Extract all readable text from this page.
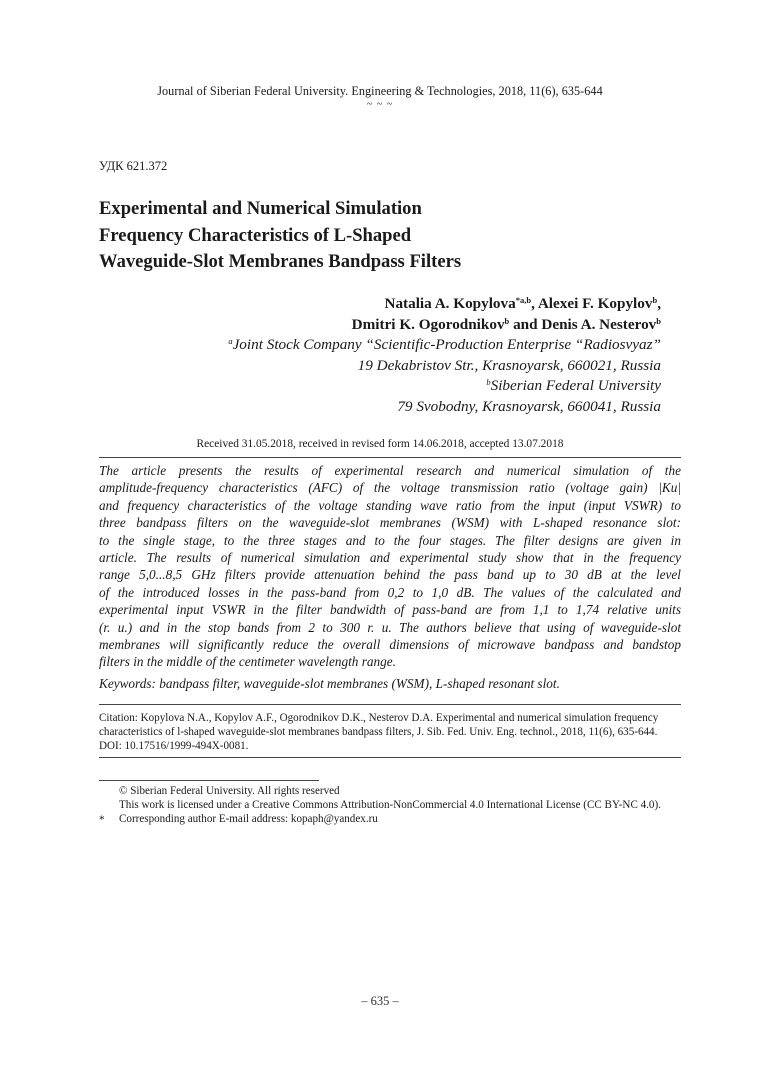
Journal of Siberian Federal University. Engineering & Technologies, 2018, 11(6), 635-644
~ ~ ~
УДК 621.372
Experimental and Numerical Simulation
Frequency Characteristics of L-Shaped
Waveguide-Slot Membranes Bandpass Filters
Natalia A. Kopylova$^{*a,b}$, Alexei F. Kopylov$^b$,
Dmitri K. Ogorodnikov$^b$ and Denis A. Nesterov$^b$
$^a$Joint Stock Company “Scientific-Production Enterprise “Radiosvyaz”
19 Dekabristov Str., Krasnoyarsk, 660021, Russia
$^b$Siberian Federal University
79 Svobodny, Krasnoyarsk, 660041, Russia
Received 31.05.2018, received in revised form 14.06.2018, accepted 13.07.2018
The article presents the results of experimental research and numerical simulation of the
amplitude-frequency characteristics (AFC) of the voltage transmission ratio (voltage gain) |Ku|
and frequency characteristics of the voltage standing wave ratio from the input (input VSWR) to
three bandpass filters on the waveguide-slot membranes (WSM) with L-shaped resonance slot:
to the single stage, to the three stages and to the four stages. The filter designs are given in
article. The results of numerical simulation and experimental study show that in the frequency
range 5,0...8,5 GHz filters provide attenuation behind the pass band up to 30 dB at the level
of the introduced losses in the pass-band from 0,2 to 1,0 dB. The values of the calculated and
experimental input VSWR in the filter bandwidth of pass-band are from 1,1 to 1,74 relative units
(r. u.) and in the stop bands from 2 to 300 r. u. The authors believe that using of waveguide-slot
membranes will significantly reduce the overall dimensions of microwave bandpass and bandstop
filters in the middle of the centimeter wavelength range.
Keywords: bandpass filter, waveguide-slot membranes (WSM), L-shaped resonant slot.
Citation: Kopylova N.A., Kopylov A.F., Ogorodnikov D.K., Nesterov D.A. Experimental and numerical simulation frequency
characteristics of l-shaped waveguide-slot membranes bandpass filters, J. Sib. Fed. Univ. Eng. technol., 2018, 11(6), 635-644.
DOI: 10.17516/1999-494X-0081.
© Siberian Federal University. All rights reserved
This work is licensed under a Creative Commons Attribution-NonCommercial 4.0 International License (CC BY-NC 4.0).
* Corresponding author E-mail address: kopaph@yandex.ru
– 635 –
